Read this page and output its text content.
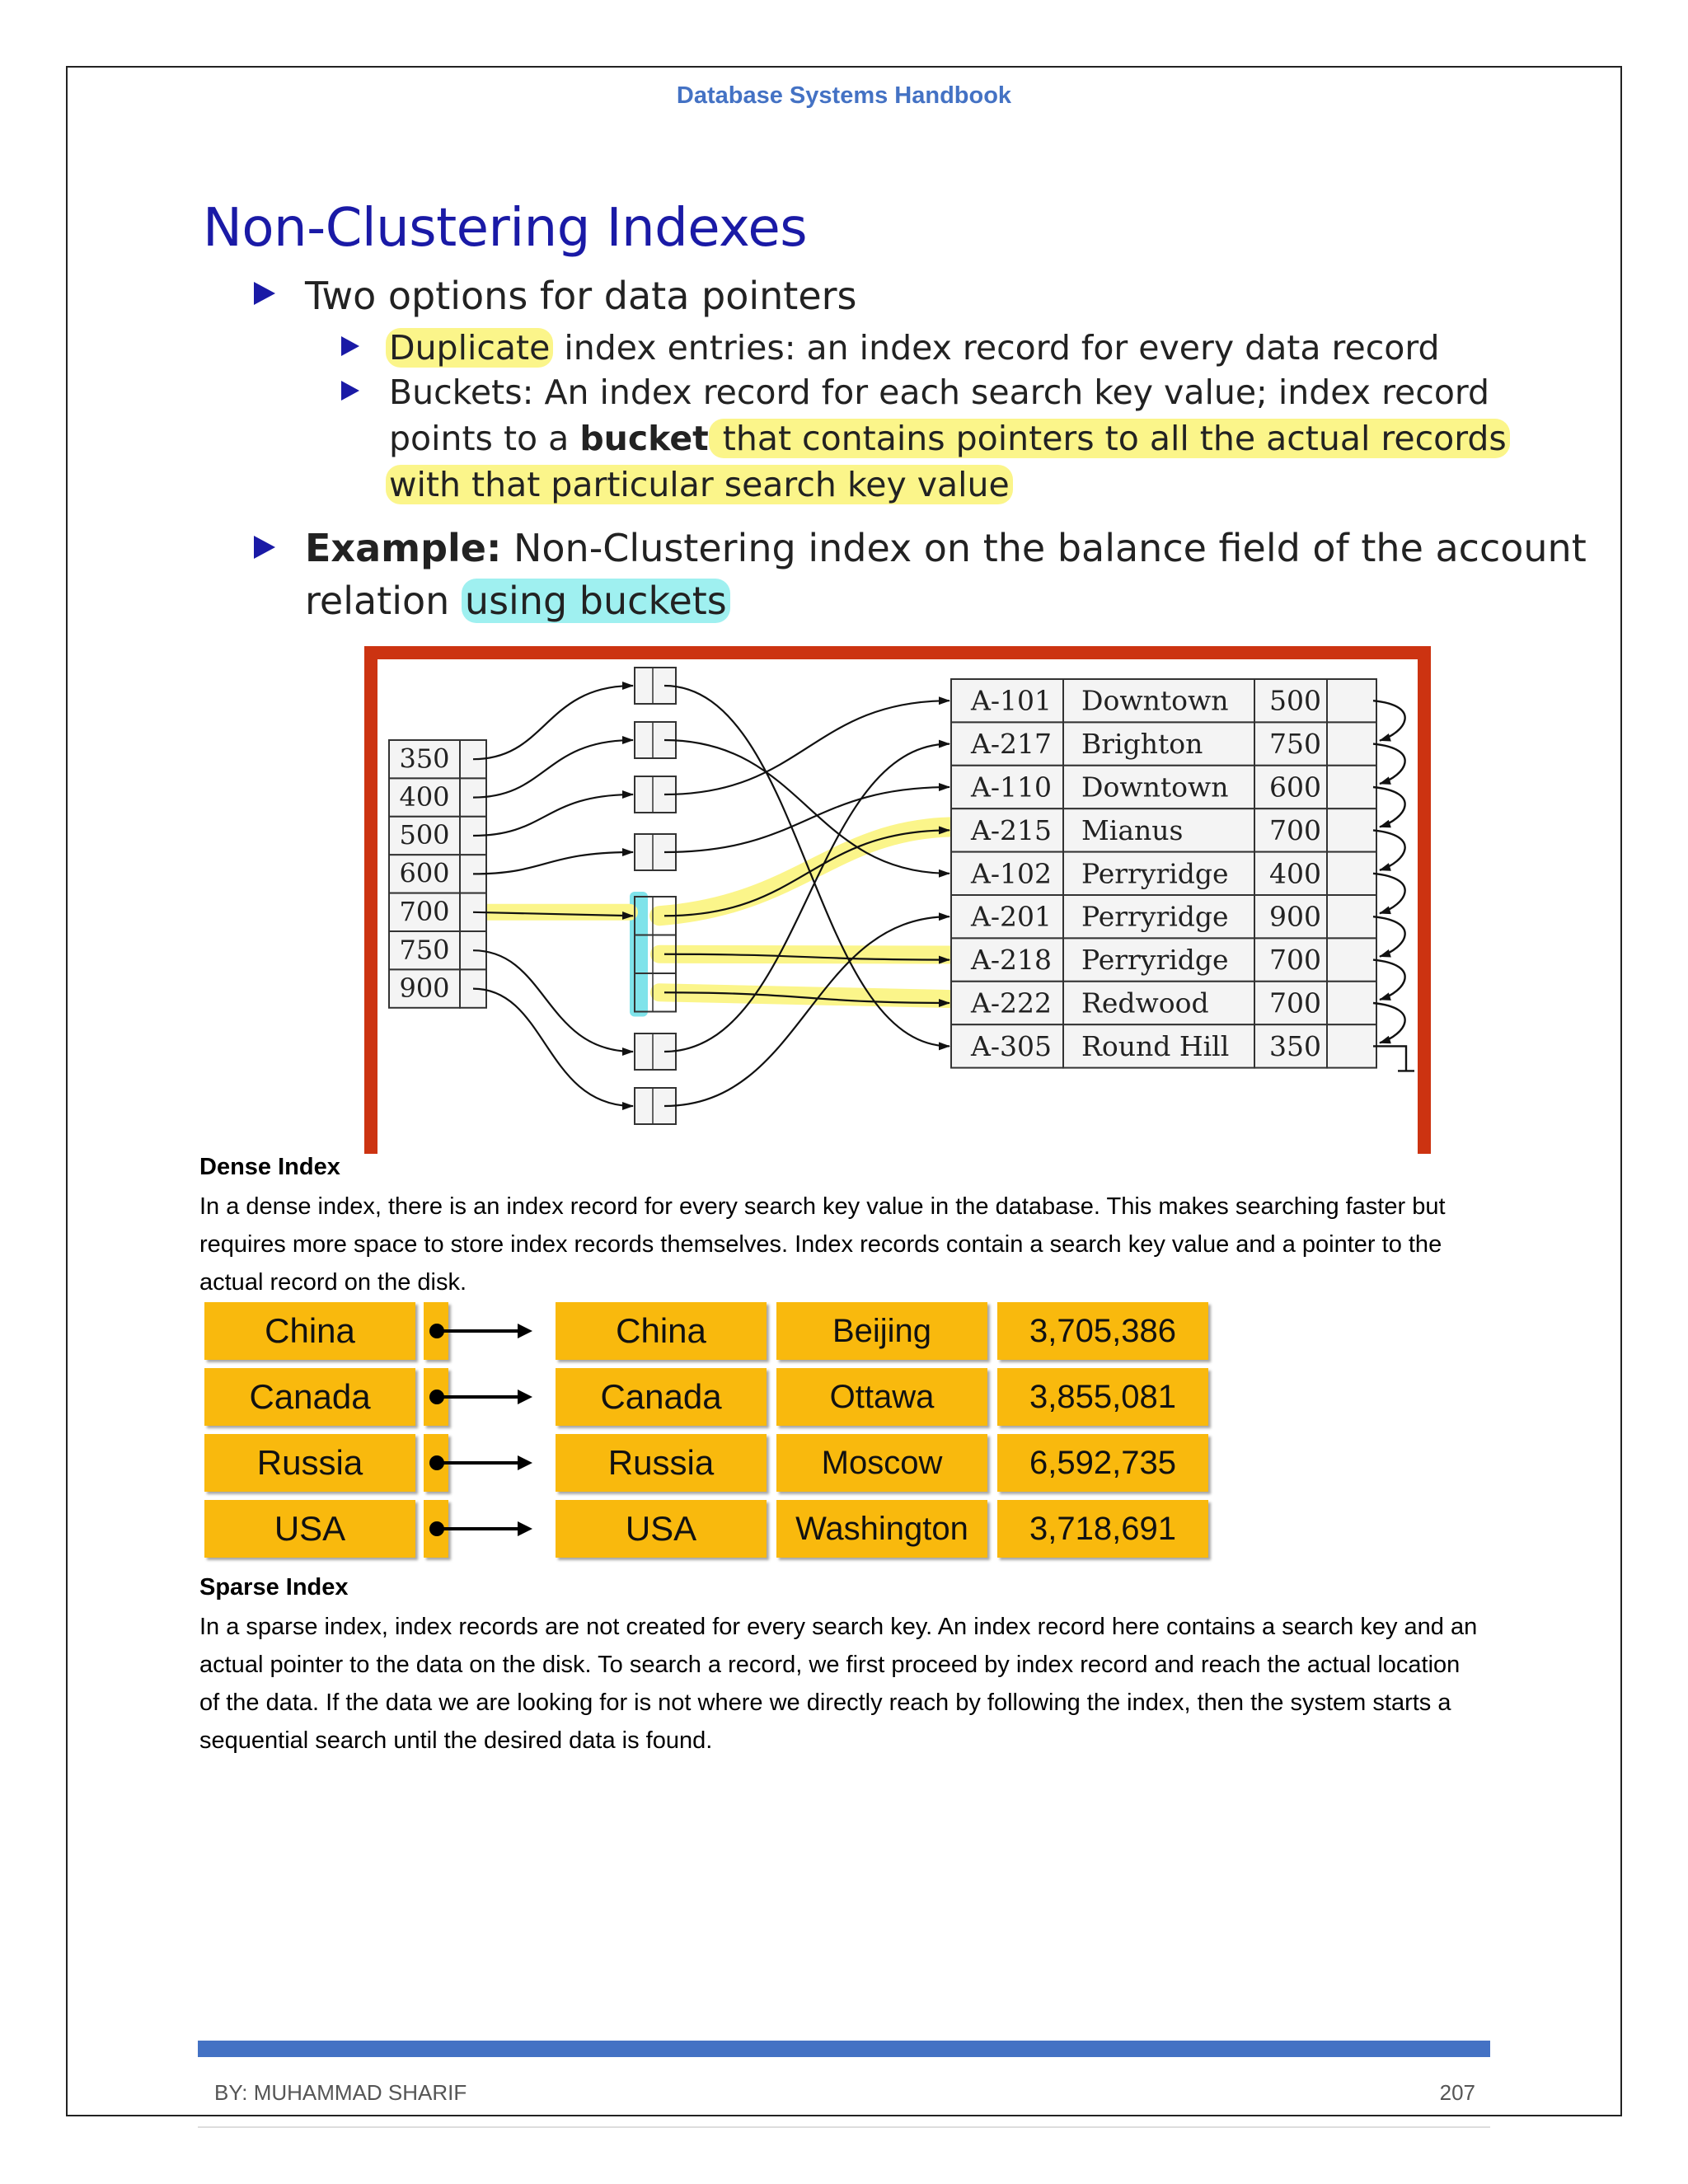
Database Systems Handbook
Non-Clustering Indexes
Two options for data pointers
Duplicate index entries: an index record for every data record
Buckets: An index record for each search key value; index record
points to a bucket that contains pointers to all the actual records
with that particular search key value
Example: Non-Clustering index on the balance field of the account
relation using buckets
350
400
500
600
700
750
900
A-101 Downtown 500
A-217 Brighton 750
A-110 Downtown 600
A-215 Mianus	700
A-102 Perryridge 400
A-201 Perryridge 900
A-218 Perryridge 700
A-222 Redwood 700
A-305 Round Hill 350
Dense Index

In a dense index, there is an index record for every search key value in the database. This makes searching faster but requires more space to store index records themselves. Index records contain a search key value and a pointer to the actual record on the disk.

China	China	Beijing	3,705,386
Canada	Canada	Ottawa	3,855,081
Russia	Russia	Moscow	6,592,735
USA	USA	Washington	3,718,691
Sparse Index

In a sparse index, index records are not created for every search key. An index record here contains a search key and an actual pointer to the data on the disk. To search a record, we first proceed by index record and reach the actual location of the data. If the data we are looking for is not where we directly reach by following the index, then the system starts a sequential search until the desired data is found.

BY: MUHAMMAD SHARIF	207
